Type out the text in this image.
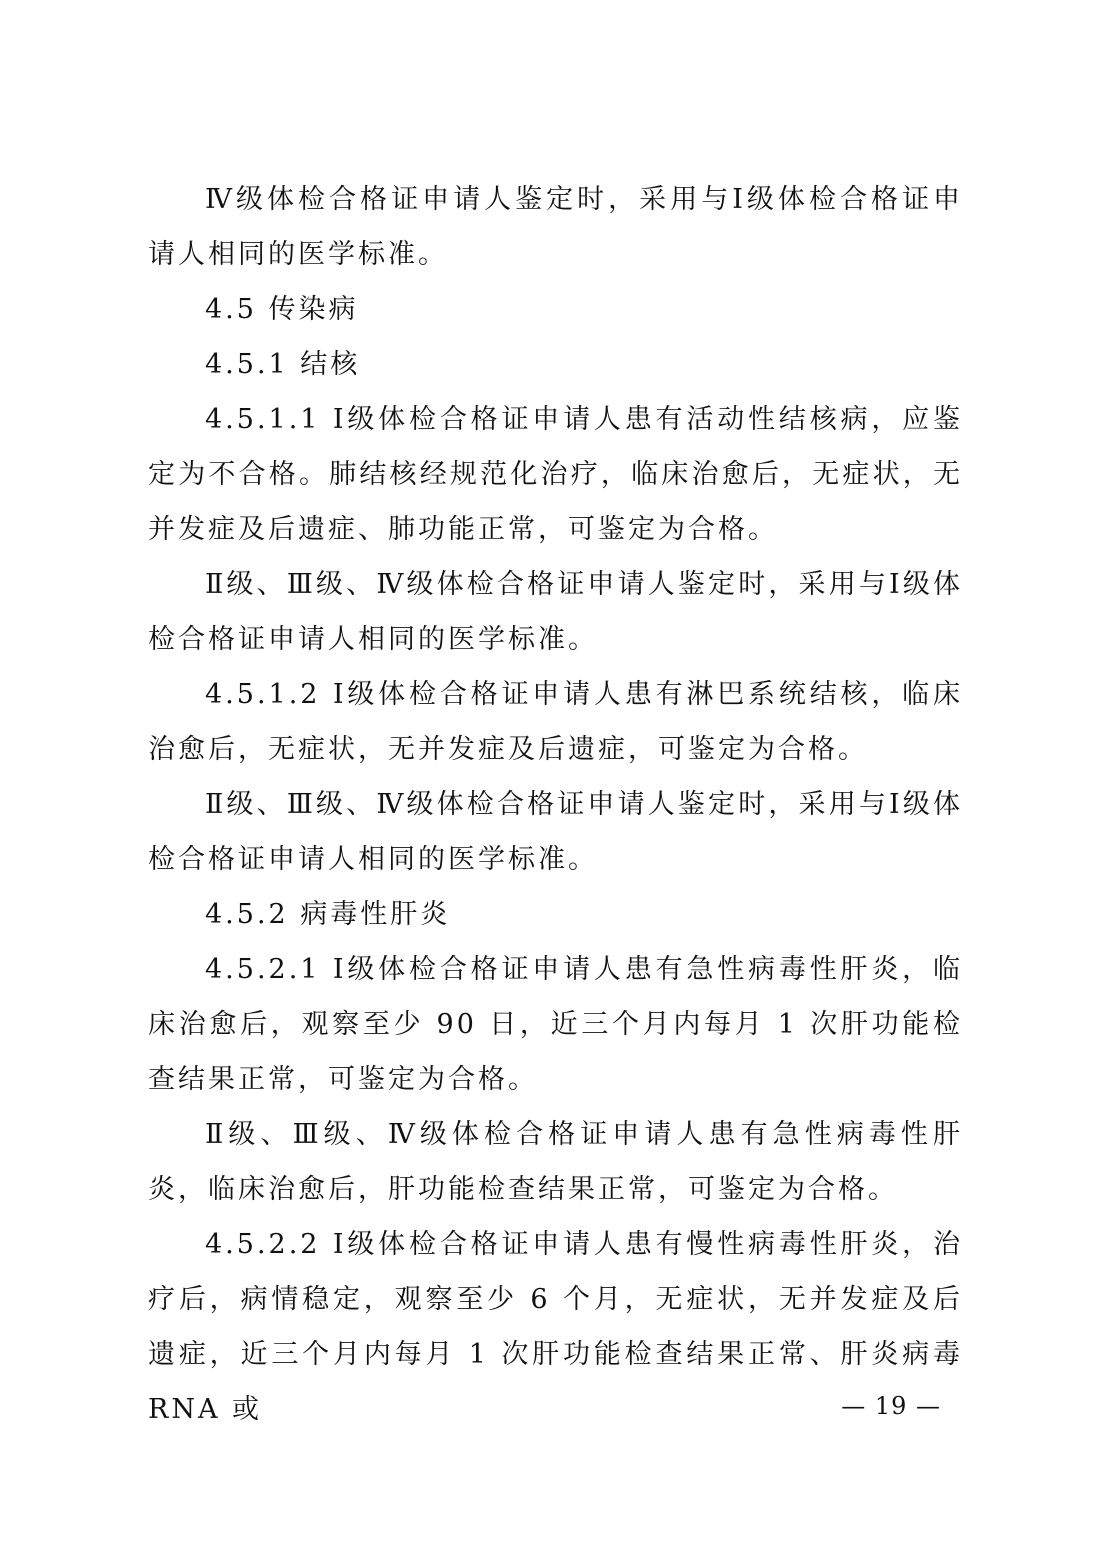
Ⅳ级体检合格证申请人鉴定时，采用与Ⅰ级体检合格证申请人相同的医学标准。

4.5 传染病

4.5.1 结核

4.5.1.1 Ⅰ级体检合格证申请人患有活动性结核病，应鉴定为不合格。肺结核经规范化治疗，临床治愈后，无症状，无并发症及后遗症、肺功能正常，可鉴定为合格。

Ⅱ级、Ⅲ级、Ⅳ级体检合格证申请人鉴定时，采用与Ⅰ级体检合格证申请人相同的医学标准。

4.5.1.2 Ⅰ级体检合格证申请人患有淋巴系统结核，临床治愈后，无症状，无并发症及后遗症，可鉴定为合格。

Ⅱ级、Ⅲ级、Ⅳ级体检合格证申请人鉴定时，采用与Ⅰ级体检合格证申请人相同的医学标准。

4.5.2 病毒性肝炎

4.5.2.1 Ⅰ级体检合格证申请人患有急性病毒性肝炎，临床治愈后，观察至少 90 日，近三个月内每月 1 次肝功能检查结果正常，可鉴定为合格。

Ⅱ级、Ⅲ级、Ⅳ级体检合格证申请人患有急性病毒性肝炎，临床治愈后，肝功能检查结果正常，可鉴定为合格。

4.5.2.2 Ⅰ级体检合格证申请人患有慢性病毒性肝炎，治疗后，病情稳定，观察至少 6 个月，无症状，无并发症及后遗症，近三个月内每月 1 次肝功能检查结果正常、肝炎病毒 RNA 或	— 19 —
